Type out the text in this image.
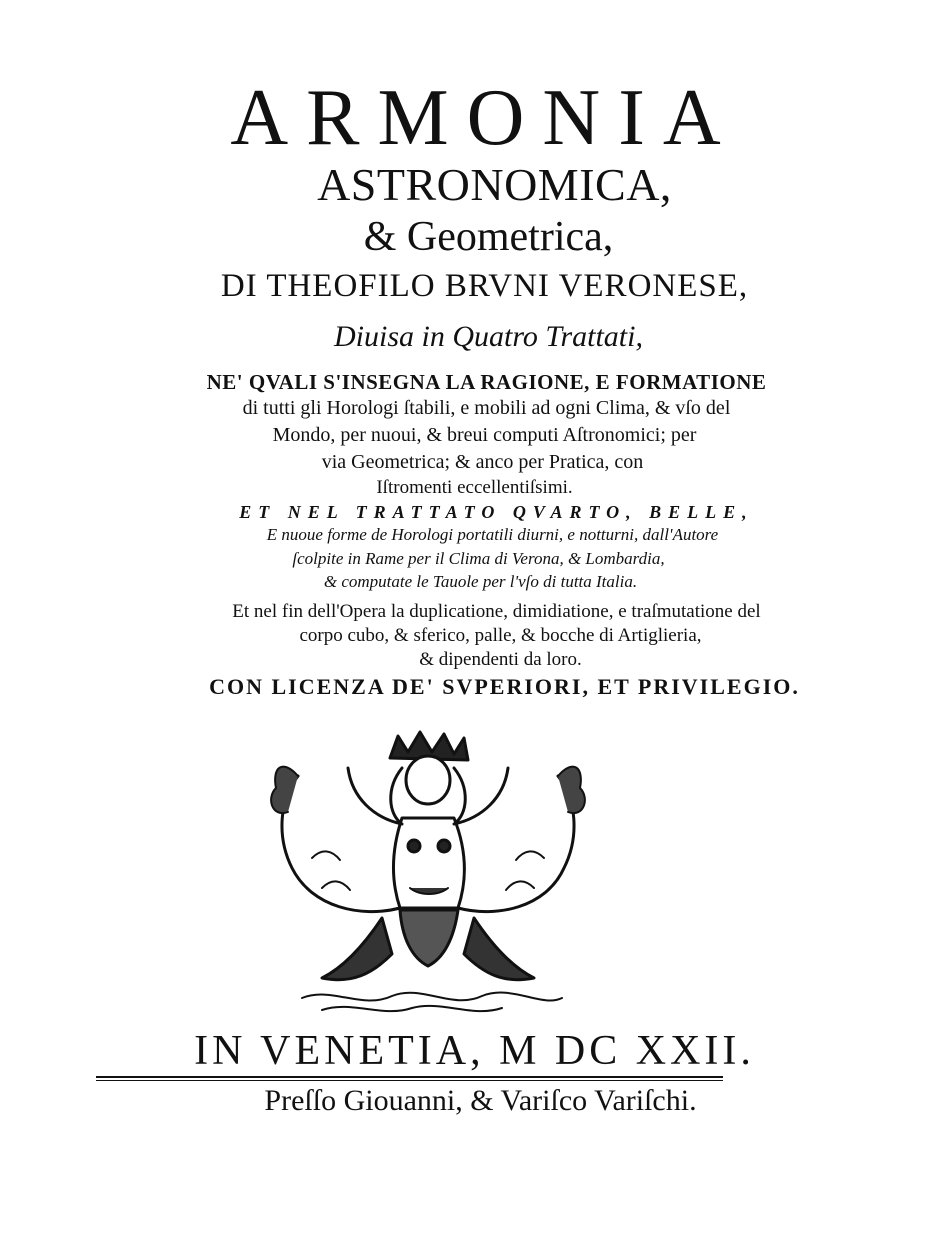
ARMONIA
ASTRONOMICA,
& Geometrica,
DI THEOFILO BRVNI VERONESE,
Diuisa in Quatro Trattati,
NE' QVALI S'INSEGNA LA RAGIONE, E FORMATIONE
di tutti gli Horologi ſtabili, e mobili ad ogni Clima, & vſo del
Mondo, per nuoui, & breui computi Aſtronomici; per
via Geometrica; & anco per Pratica, con
Iſtromenti eccellentiſsimi.
ET NEL TRATTATO QVARTO, BELLE,
E nuoue forme de Horologi portatili diurni, e notturni, dall'Autore
ſcolpite in Rame per il Clima di Verona, & Lombardia,
& computate le Tauole per l'vſo di tutta Italia.
Et nel fin dell'Opera la duplicatione, dimidiatione, e traſmutatione del
corpo cubo, & sferico, palle, & bocche di Artiglieria,
& dipendenti da loro.
CON LICENZA DE' SVPERIORI, ET PRIVILEGIO.
IN VENETIA, M DC XXII.
Preſſo Giouanni, & Variſco Variſchi.
